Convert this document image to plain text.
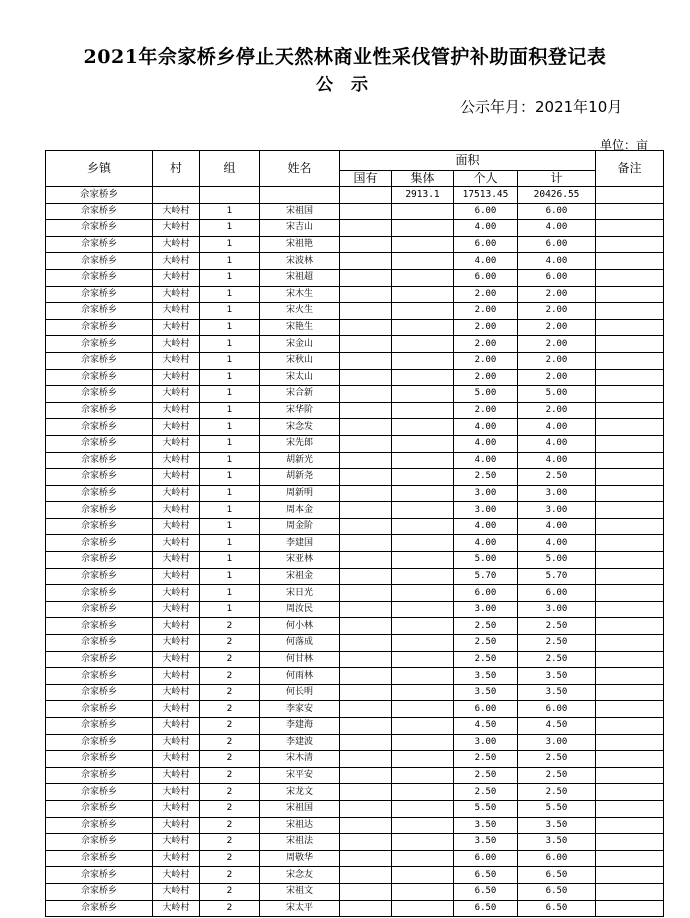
2021年佘家桥乡停止天然林商业性采伐管护补助面积登记表
公 示
公示年月：2021年10月
单位：亩
乡镇	村	组	姓名	面积				备注
				国有	集体	个人	计	
佘家桥乡					2913.1	17513.45	20426.55	
佘家桥乡	大岭村	1	宋祖国			6.00	6.00	
佘家桥乡	大岭村	1	宋吉山			4.00	4.00	
佘家桥乡	大岭村	1	宋祖艳			6.00	6.00	
佘家桥乡	大岭村	1	宋波林			4.00	4.00	
佘家桥乡	大岭村	1	宋祖超			6.00	6.00	
佘家桥乡	大岭村	1	宋木生			2.00	2.00	
佘家桥乡	大岭村	1	宋火生			2.00	2.00	
佘家桥乡	大岭村	1	宋艳生			2.00	2.00	
佘家桥乡	大岭村	1	宋金山			2.00	2.00	
佘家桥乡	大岭村	1	宋秋山			2.00	2.00	
佘家桥乡	大岭村	1	宋太山			2.00	2.00	
佘家桥乡	大岭村	1	宋合新			5.00	5.00	
佘家桥乡	大岭村	1	宋华阶			2.00	2.00	
佘家桥乡	大岭村	1	宋念发			4.00	4.00	
佘家桥乡	大岭村	1	宋先郎			4.00	4.00	
佘家桥乡	大岭村	1	胡新光			4.00	4.00	
佘家桥乡	大岭村	1	胡新尧			2.50	2.50	
佘家桥乡	大岭村	1	周新明			3.00	3.00	
佘家桥乡	大岭村	1	周本金			3.00	3.00	
佘家桥乡	大岭村	1	周金阶			4.00	4.00	
佘家桥乡	大岭村	1	李建国			4.00	4.00	
佘家桥乡	大岭村	1	宋亚林			5.00	5.00	
佘家桥乡	大岭村	1	宋祖金			5.70	5.70	
佘家桥乡	大岭村	1	宋日光			6.00	6.00	
佘家桥乡	大岭村	1	周汝民			3.00	3.00	
佘家桥乡	大岭村	2	何小林			2.50	2.50	
佘家桥乡	大岭村	2	何落成			2.50	2.50	
佘家桥乡	大岭村	2	何甘林			2.50	2.50	
佘家桥乡	大岭村	2	何雨林			3.50	3.50	
佘家桥乡	大岭村	2	何长明			3.50	3.50	
佘家桥乡	大岭村	2	李家安			6.00	6.00	
佘家桥乡	大岭村	2	李建海			4.50	4.50	
佘家桥乡	大岭村	2	李建波			3.00	3.00	
佘家桥乡	大岭村	2	宋木清			2.50	2.50	
佘家桥乡	大岭村	2	宋平安			2.50	2.50	
佘家桥乡	大岭村	2	宋龙文			2.50	2.50	
佘家桥乡	大岭村	2	宋祖国			5.50	5.50	
佘家桥乡	大岭村	2	宋祖达			3.50	3.50	
佘家桥乡	大岭村	2	宋祖法			3.50	3.50	
佘家桥乡	大岭村	2	周敬华			6.00	6.00	
佘家桥乡	大岭村	2	宋念友			6.50	6.50	
佘家桥乡	大岭村	2	宋祖文			6.50	6.50	
佘家桥乡	大岭村	2	宋太平			6.50	6.50	
